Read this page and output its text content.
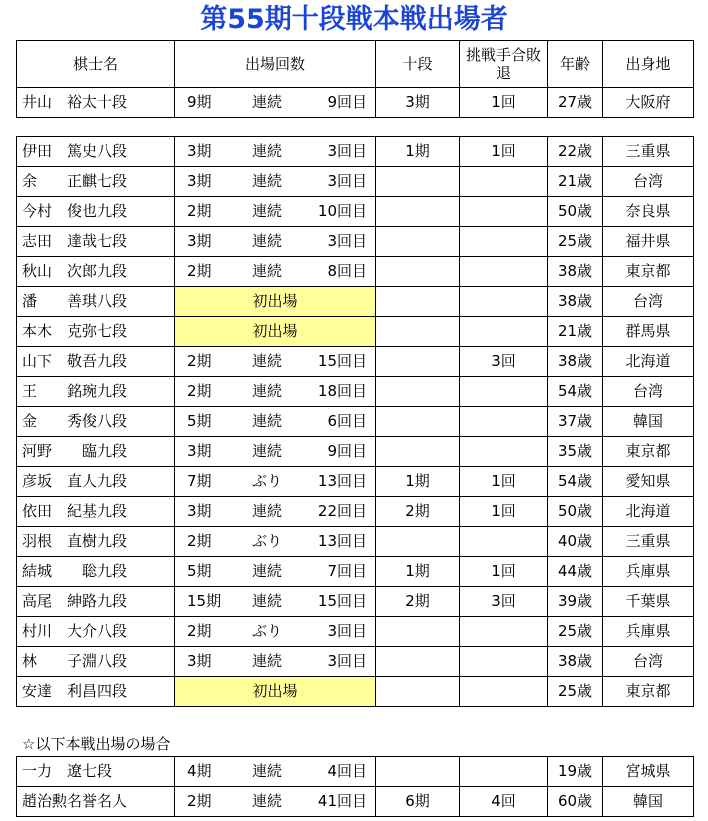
第55期十段戦本戦出場者
棋士名	出場回数	十段	挑戦手合敗退	年齢	出身地
井山　裕太十段	9期 連続 9回目	3期	1回	27歳	大阪府
伊田　篤史八段	3期 連続 3回目	1期	1回	22歳	三重県
余　　正麒七段	3期 連続 3回目			21歳	台湾
今村　俊也九段	2期 連続 10回目			50歳	奈良県
志田　達哉七段	3期 連続 3回目			25歳	福井県
秋山　次郎九段	2期 連続 8回目			38歳	東京都
潘　　善琪八段	初出場			38歳	台湾
本木　克弥七段	初出場			21歳	群馬県
山下　敬吾九段	2期 連続 15回目		3回	38歳	北海道
王　　銘琬九段	2期 連続 18回目			54歳	台湾
金　　秀俊八段	5期 連続 6回目			37歳	韓国
河野　　臨九段	3期 連続 9回目			35歳	東京都
彦坂　直人九段	7期 ぶり 13回目	1期	1回	54歳	愛知県
依田　紀基九段	3期 連続 22回目	2期	1回	50歳	北海道
羽根　直樹九段	2期 ぶり 13回目			40歳	三重県
結城　　聡九段	5期 連続 7回目	1期	1回	44歳	兵庫県
高尾　紳路九段	15期 連続 15回目	2期	3回	39歳	千葉県
村川　大介八段	2期 ぶり 3回目			25歳	兵庫県
林　　子淵八段	3期 連続 3回目			38歳	台湾
安達　利昌四段	初出場			25歳	東京都
☆以下本戦出場の場合
一力　遼七段	4期 連続 4回目			19歳	宮城県
趙治勲名誉名人	2期 連続 41回目	6期	4回	60歳	韓国
